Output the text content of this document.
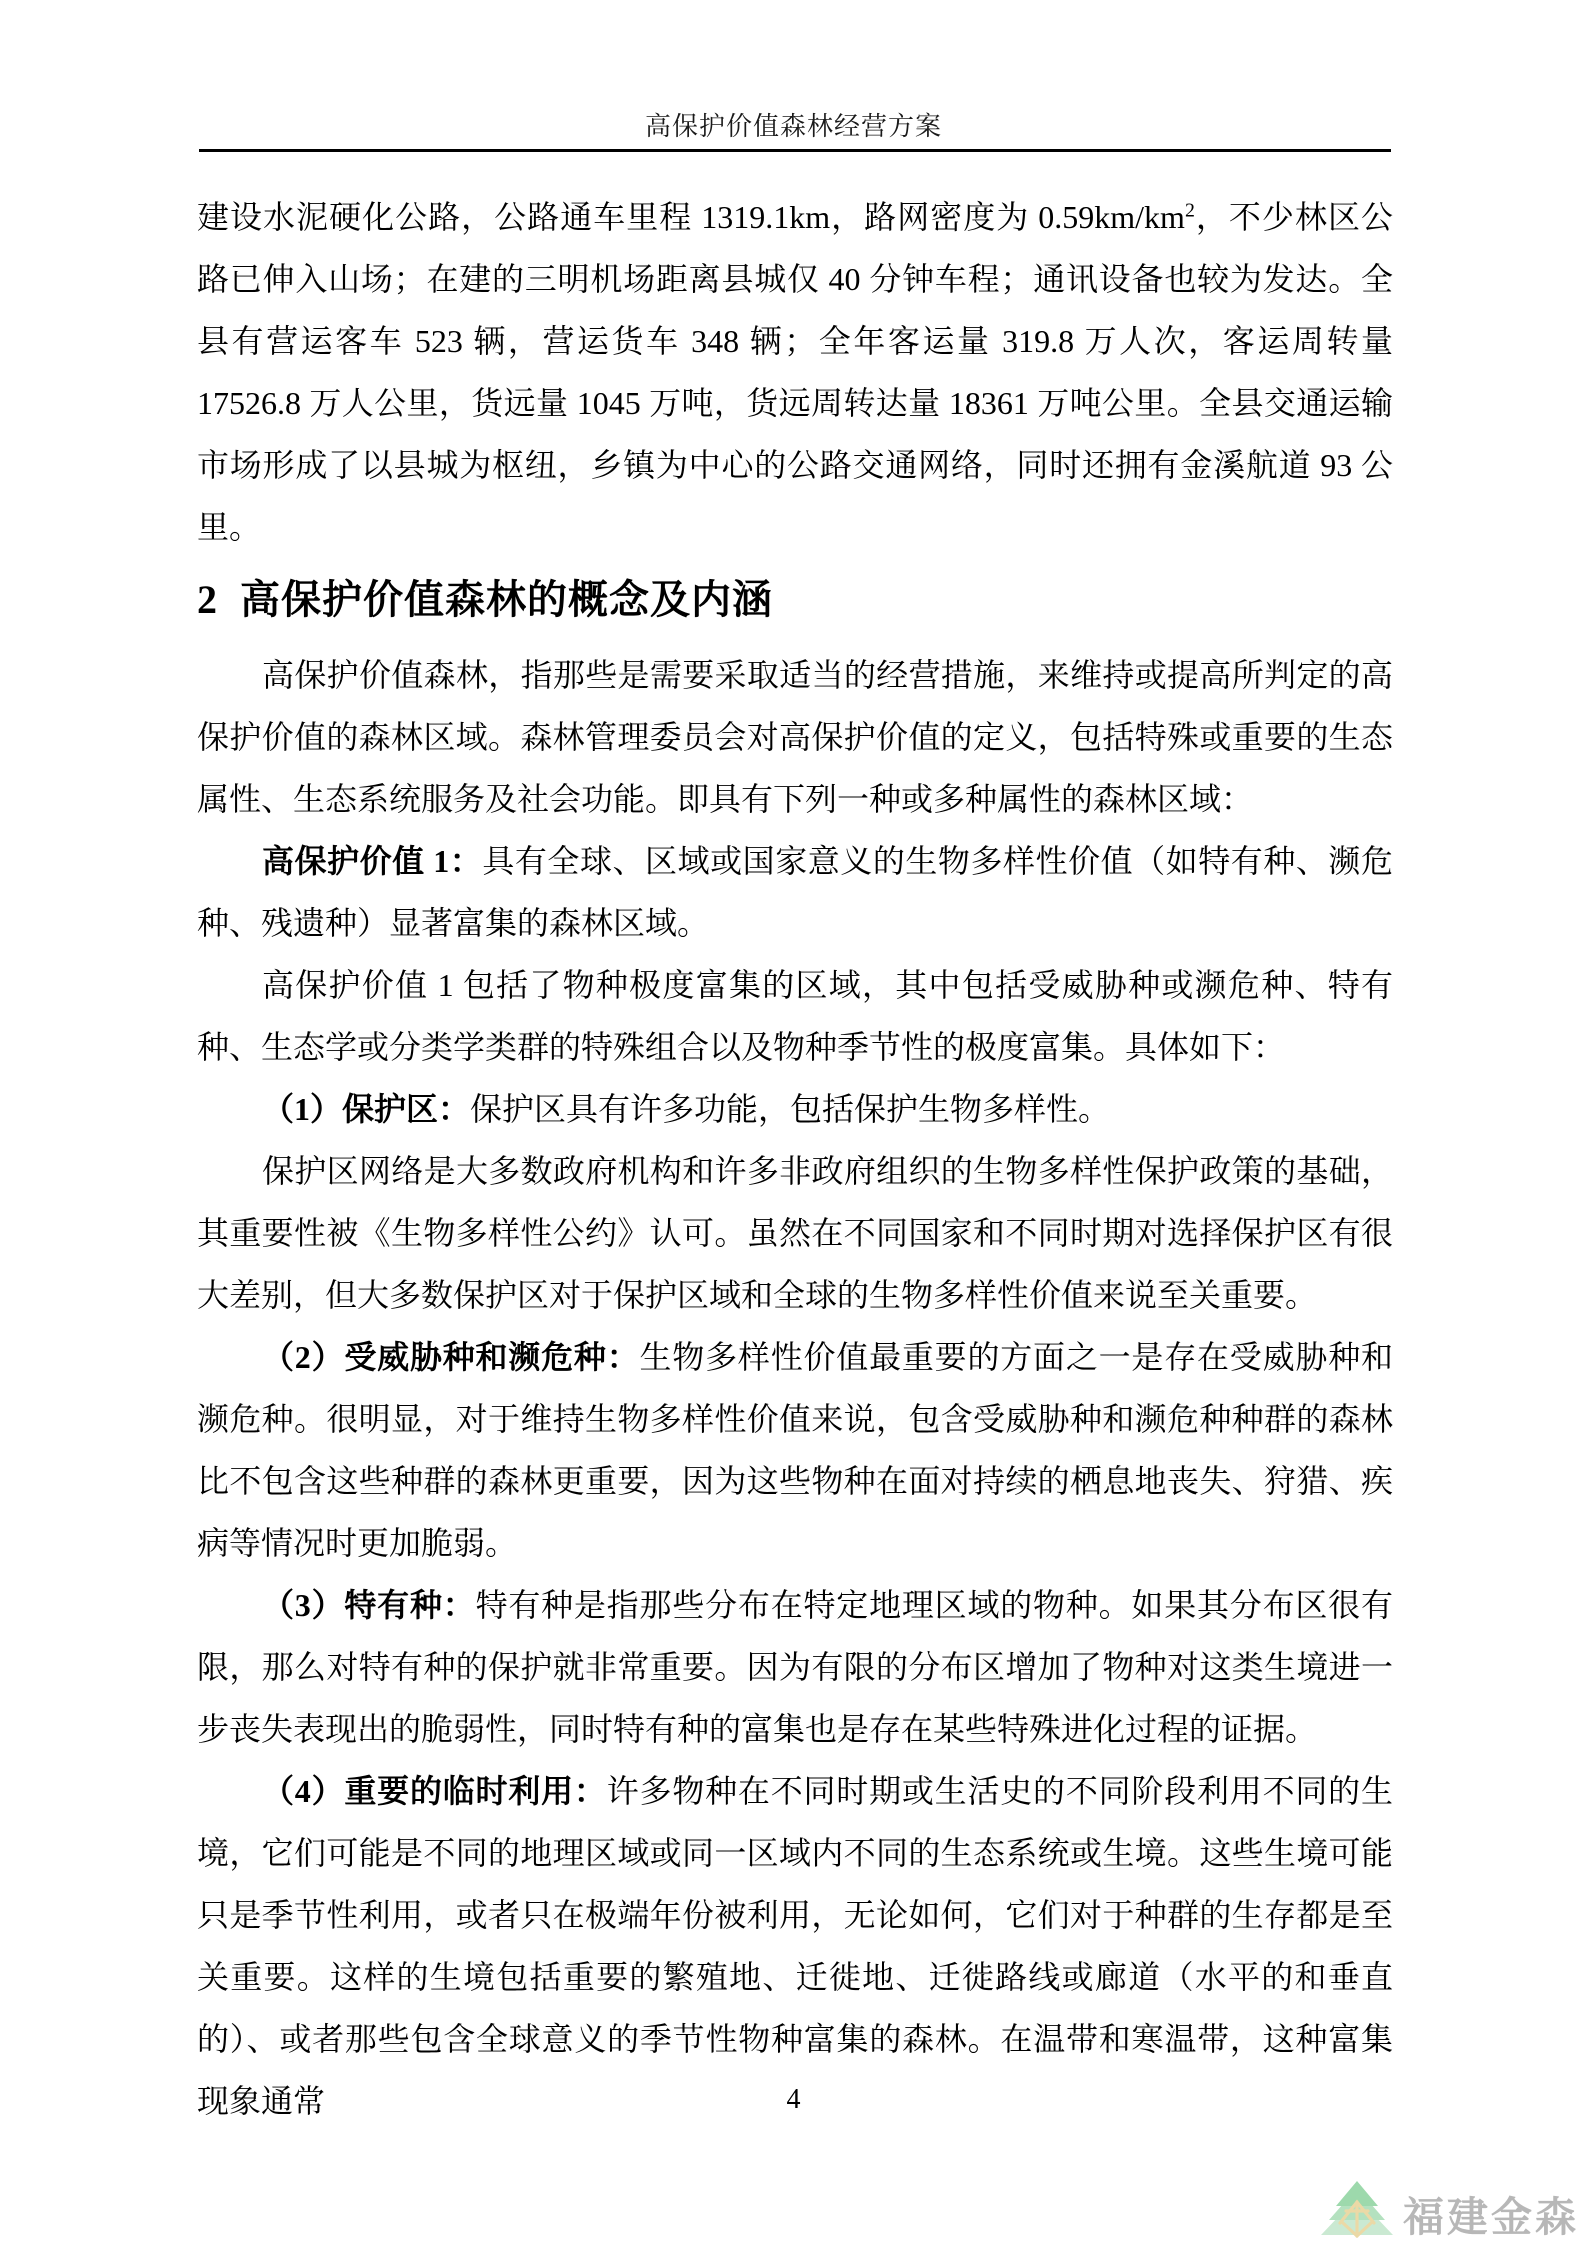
高保护价值森林经营方案

建设水泥硬化公路，公路通车里程 1319.1km，路网密度为 $0.59km/km^2$，不少林区公路已伸入山场；在建的三明机场距离县城仅 40 分钟车程；通讯设备也较为发达。全县有营运客车 523 辆，营运货车 348 辆；全年客运量 319.8 万人次，客运周转量 17526.8 万人公里，货远量 1045 万吨，货远周转达量 18361 万吨公里。全县交通运输市场形成了以县城为枢纽，乡镇为中心的公路交通网络，同时还拥有金溪航道 93 公里。

2  高保护价值森林的概念及内涵

高保护价值森林，指那些是需要采取适当的经营措施，来维持或提高所判定的高保护价值的森林区域。森林管理委员会对高保护价值的定义，包括特殊或重要的生态属性、生态系统服务及社会功能。即具有下列一种或多种属性的森林区域：

高保护价值 1：具有全球、区域或国家意义的生物多样性价值（如特有种、濒危种、残遗种）显著富集的森林区域。

高保护价值 1 包括了物种极度富集的区域，其中包括受威胁种或濒危种、特有种、生态学或分类学类群的特殊组合以及物种季节性的极度富集。具体如下：

（1）保护区：保护区具有许多功能，包括保护生物多样性。

保护区网络是大多数政府机构和许多非政府组织的生物多样性保护政策的基础，其重要性被《生物多样性公约》认可。虽然在不同国家和不同时期对选择保护区有很大差别，但大多数保护区对于保护区域和全球的生物多样性价值来说至关重要。

（2）受威胁种和濒危种：生物多样性价值最重要的方面之一是存在受威胁种和濒危种。很明显，对于维持生物多样性价值来说，包含受威胁种和濒危种种群的森林比不包含这些种群的森林更重要，因为这些物种在面对持续的栖息地丧失、狩猎、疾病等情况时更加脆弱。

（3）特有种：特有种是指那些分布在特定地理区域的物种。如果其分布区很有限，那么对特有种的保护就非常重要。因为有限的分布区增加了物种对这类生境进一步丧失表现出的脆弱性，同时特有种的富集也是存在某些特殊进化过程的证据。

（4）重要的临时利用：许多物种在不同时期或生活史的不同阶段利用不同的生境，它们可能是不同的地理区域或同一区域内不同的生态系统或生境。这些生境可能只是季节性利用，或者只在极端年份被利用，无论如何，它们对于种群的生存都是至关重要。这样的生境包括重要的繁殖地、迁徙地、迁徙路线或廊道（水平的和垂直的）、或者那些包含全球意义的季节性物种富集的森林。在温带和寒温带，这种富集现象通常	4
福建金森
